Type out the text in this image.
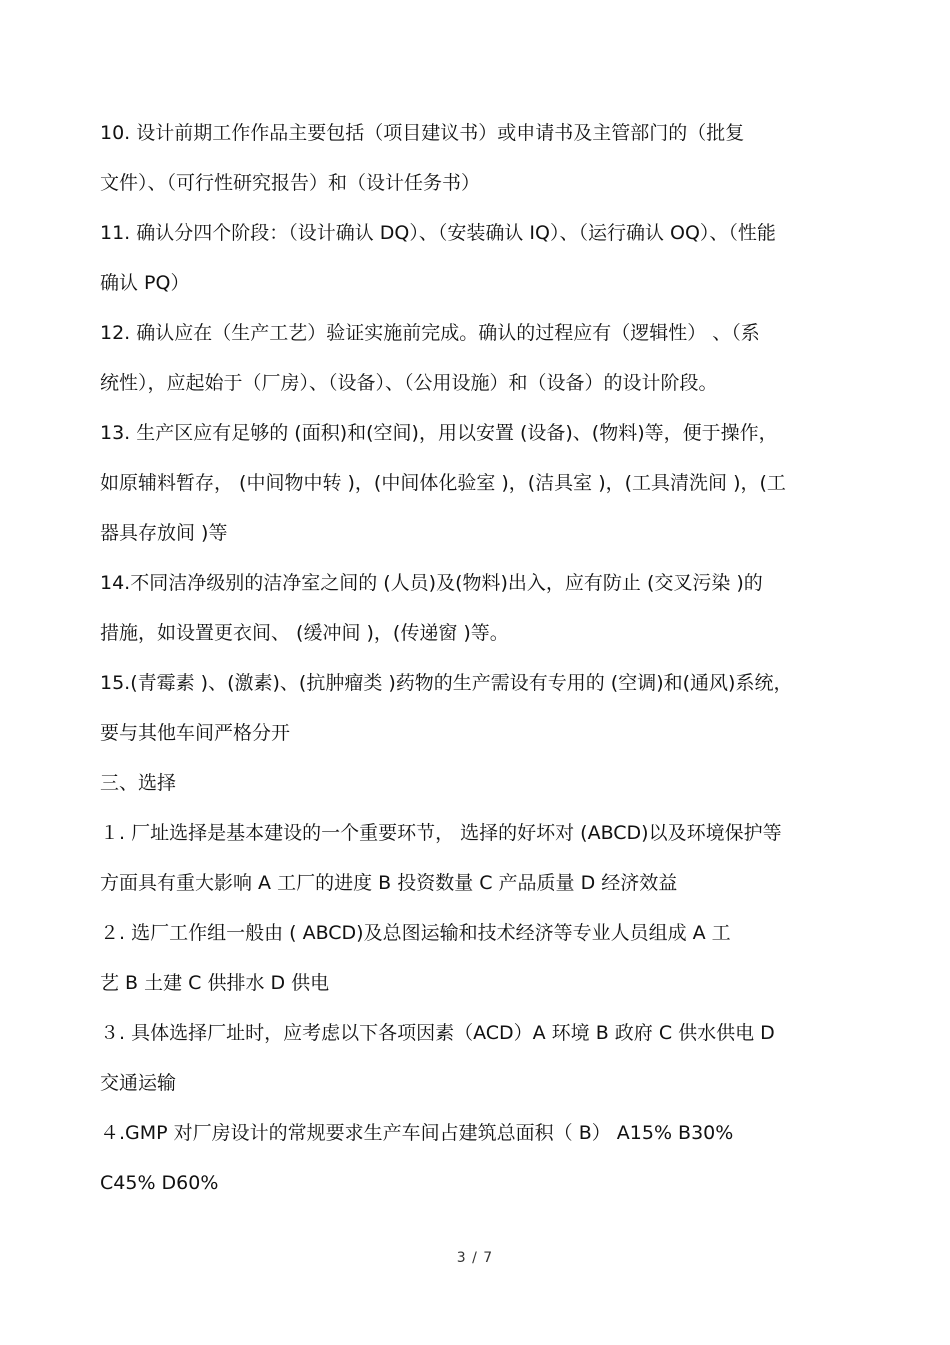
10. 设计前期工作作品主要包括（项目建议书）或申请书及主管部门的（批复
文件）、（可行性研究报告）和（设计任务书）
11. 确认分四个阶段：（设计确认 DQ）、（安装确认 IQ）、（运行确认 OQ）、（性能
确认 PQ）
12. 确认应在（生产工艺）验证实施前完成。确认的过程应有（逻辑性） 、（系
统性），应起始于（厂房）、（设备）、（公用设施）和（设备）的设计阶段。
13. 生产区应有足够的 (面积)和(空间)，用以安置 (设备)、(物料)等，便于操作，
如原辅料暂存， (中间物中转 )，(中间体化验室 )，(洁具室 )，(工具清洗间 )，(工
器具存放间 )等
14.不同洁净级别的洁净室之间的 (人员)及(物料)出入，应有防止 (交叉污染 )的
措施，如设置更衣间、 (缓冲间 )，(传递窗 )等。
15.(青霉素 )、(激素)、(抗肿瘤类 )药物的生产需设有专用的 (空调)和(通风)系统，
要与其他车间严格分开
三、选择
１. 厂址选择是基本建设的一个重要环节， 选择的好坏对 (ABCD)以及环境保护等
方面具有重大影响 A 工厂的进度 B 投资数量 C 产品质量 D 经济效益
２. 选厂工作组一般由 ( ABCD)及总图运输和技术经济等专业人员组成 A 工
艺 B 土建 C 供排水 D 供电
３. 具体选择厂址时，应考虑以下各项因素（ACD）A 环境 B 政府 C 供水供电 D
交通运输
４.GMP 对厂房设计的常规要求生产车间占建筑总面积（ B） A15% B30%
C45% D60%
3 / 7
